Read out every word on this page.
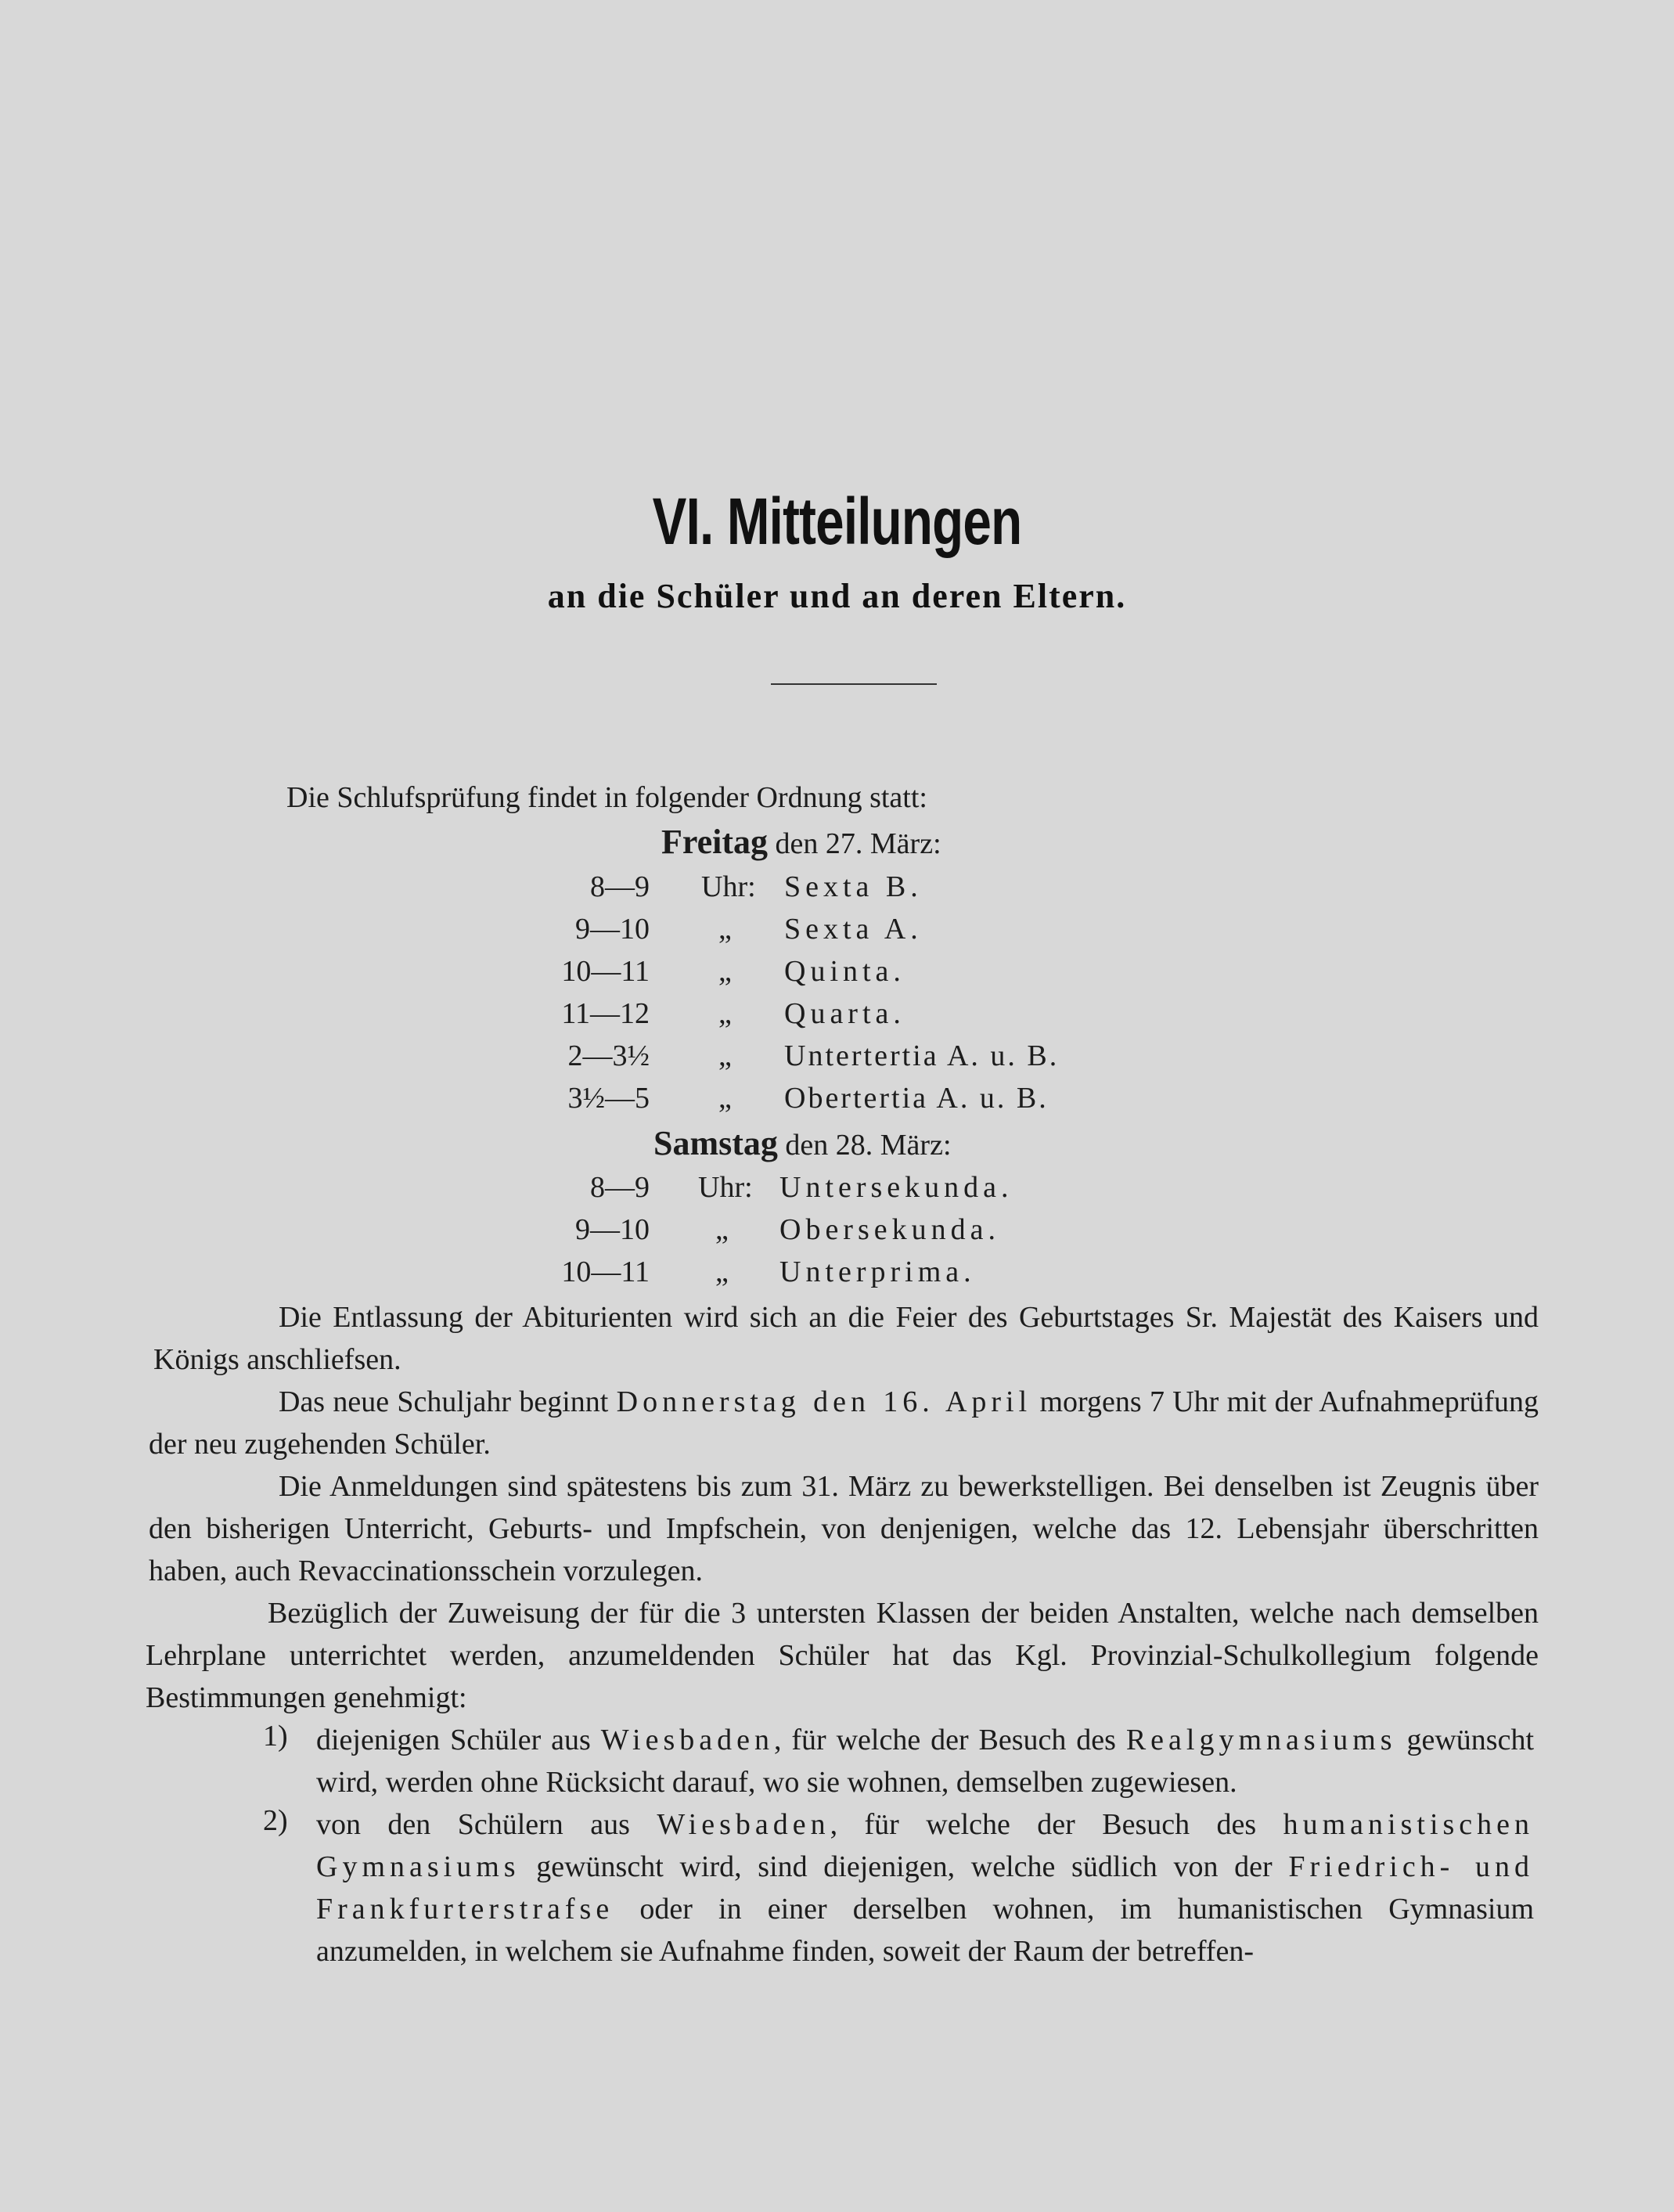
VI. Mitteilungen
an die Schüler und an deren Eltern.
Die Schlufsprüfung findet in folgender Ordnung statt:
Freitag den 27. März:
8—9 Uhr: Sexta B.
9—10 „ Sexta A.
10—11 „ Quinta.
11—12 „ Quarta.
2—3½ „ Untertertia A. u. B.
3½—5 „ Obertertia A. u. B.
Samstag den 28. März:
8—9 Uhr: Untersekunda.
9—10 „ Obersekunda.
10—11 „ Unterprima.

Die Entlassung der Abiturienten wird sich an die Feier des Geburtstages Sr. Majestät des Kaisers und Königs anschliefsen.

Das neue Schuljahr beginnt Donnerstag den 16. April morgens 7 Uhr mit der Aufnahmeprüfung der neu zugehenden Schüler.

Die Anmeldungen sind spätestens bis zum 31. März zu bewerkstelligen. Bei denselben ist Zeugnis über den bisherigen Unterricht, Geburts- und Impfschein, von denjenigen, welche das 12. Lebensjahr überschritten haben, auch Revaccinationsschein vorzulegen.

Bezüglich der Zuweisung der für die 3 untersten Klassen der beiden Anstalten, welche nach demselben Lehrplane unterrichtet werden, anzumeldenden Schüler hat das Kgl. Provinzial-Schulkollegium folgende Bestimmungen genehmigt:

1) diejenigen Schüler aus Wiesbaden, für welche der Besuch des Realgymnasiums gewünscht wird, werden ohne Rücksicht darauf, wo sie wohnen, demselben zugewiesen.

2) von den Schülern aus Wiesbaden, für welche der Besuch des humanistischen Gymnasiums gewünscht wird, sind diejenigen, welche südlich von der Friedrich- und Frankfurterstrafse oder in einer derselben wohnen, im humanistischen Gymnasium anzumelden, in welchem sie Aufnahme finden, soweit der Raum der betreffen-
